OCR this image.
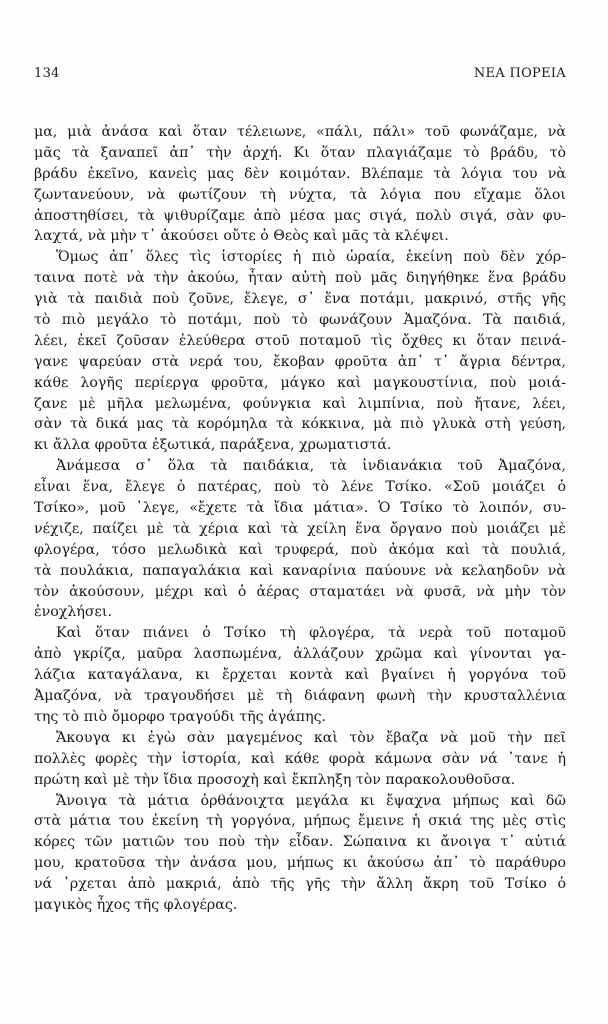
134	ΝΕΑ ΠΟΡΕΙΑ
μα, μιὰ ἀνάσα καὶ ὅταν τέλειωνε, «πάλι, πάλι» τοῦ φωνάζαμε, νὰ
μᾶς τὰ ξαναπεῖ ἀπ᾿ τὴν ἀρχή. Κι ὅταν πλαγιάζαμε τὸ βράδυ, τὸ
βράδυ ἐκεῖνο, κανεὶς μας δὲν κοιμόταν. Βλέπαμε τὰ λόγια του νὰ
ζωντανεύουν, νὰ φωτίζουν τὴ νύχτα, τὰ λόγια που εἴχαμε ὅλοι
ἀποστηθίσει, τὰ ψιθυρίζαμε ἀπὸ μέσα μας σιγά, πολὺ σιγά, σὰν φυ-
λαχτά, νὰ μὴν τ᾿ ἀκούσει οὔτε ὁ Θεὸς καὶ μᾶς τὰ κλέψει.
Ὅμως ἀπ᾿ ὅλες τὶς ἱστορίες ἡ πιὸ ὡραία, ἐκείνη ποὺ δὲν χόρ-
ταινα ποτὲ νὰ τὴν ἀκούω, ἦταν αὐτὴ ποὺ μᾶς διηγήθηκε ἕνα βράδυ
γιὰ τὰ παιδιὰ ποὺ ζοῦνε, ἔλεγε, σ᾿ ἕνα ποτάμι, μακρινό, στῆς γῆς
τὸ πιὸ μεγάλο τὸ ποτάμι, ποὺ τὸ φωνάζουν Ἀμαζόνα. Τὰ παιδιά,
λέει, ἐκεῖ ζοῦσαν ἐλεύθερα στοῦ ποταμοῦ τὶς ὄχθες κι ὅταν πεινά-
γανε ψαρεύαν στὰ νερά του, ἔκοβαν φροῦτα ἀπ᾿ τ᾿ ἄγρια δέντρα,
κάθε λογῆς περίεργα φροῦτα, μάγκο καὶ μαγκουστίνια, ποὺ μοιά-
ζανε μὲ μῆλα μελωμένα, φούνγκια καὶ λιμπίνια, ποὺ ἤτανε, λέει,
σὰν τὰ δικά μας τὰ κορόμηλα τὰ κόκκινα, μὰ πιὸ γλυκὰ στὴ γεύση,
κι ἄλλα φροῦτα ἐξωτικά, παράξενα, χρωματιστά.
Ἀνάμεσα σ᾿ ὅλα τὰ παιδάκια, τὰ ἰνδιανάκια τοῦ Ἀμαζόνα,
εἶναι ἕνα, ἔλεγε ὁ πατέρας, ποὺ τὸ λένε Τσίκο. «Σοῦ μοιάζει ὁ
Τσίκο», μοῦ ᾿λεγε, «ἔχετε τὰ ἴδια μάτια». Ὁ Τσίκο τὸ λοιπόν, συ-
νέχιζε, παίζει μὲ τὰ χέρια καὶ τὰ χείλη ἕνα ὄργανο ποὺ μοιάζει μὲ
φλογέρα, τόσο μελωδικὰ καὶ τρυφερά, ποὺ ἀκόμα καὶ τὰ πουλιά,
τὰ πουλάκια, παπαγαλάκια καὶ καναρίνια παύουνε νὰ κελαηδοῦν νὰ
τὸν ἀκούσουν, μέχρι καὶ ὁ ἀέρας σταματάει νὰ φυσᾶ, νὰ μὴν τὸν
ἐνοχλήσει.
Καὶ ὅταν πιάνει ὁ Τσίκο τὴ φλογέρα, τὰ νερὰ τοῦ ποταμοῦ
ἀπὸ γκρίζα, μαῦρα λασπωμένα, ἀλλάζουν χρῶμα καὶ γίνονται γα-
λάζια καταγάλανα, κι ἔρχεται κοντὰ καὶ βγαίνει ἡ γοργόνα τοῦ
Ἀμαζόνα, νὰ τραγουδήσει μὲ τὴ διάφανη φωνὴ τὴν κρυσταλλένια
της τὸ πιὸ ὄμορφο τραγούδι τῆς ἀγάπης.
Ἄκουγα κι ἐγὼ σὰν μαγεμένος καὶ τὸν ἔβαζα νὰ μοῦ τὴν πεῖ
πολλὲς φορὲς τὴν ἱστορία, καὶ κάθε φορὰ κάμωνα σὰν νά ᾿τανε ἡ
πρώτη καὶ μὲ τὴν ἴδια προσοχὴ καὶ ἔκπληξη τὸν παρακολουθοῦσα.
Ἄνοιγα τὰ μάτια ὀρθάνοιχτα μεγάλα κι ἔψαχνα μήπως καὶ δῶ
στὰ μάτια του ἐκείνη τὴ γοργόνα, μήπως ἔμεινε ἡ σκιά της μὲς στὶς
κόρες τῶν ματιῶν του ποὺ τὴν εἶδαν. Σώπαινα κι ἄνοιγα τ᾿ αὐτιά
μου, κρατοῦσα τὴν ἀνάσα μου, μήπως κι ἀκούσω ἀπ᾿ τὸ παράθυρο
νά ᾿ρχεται ἀπὸ μακριά, ἀπὸ τῆς γῆς τὴν ἄλλη ἄκρη τοῦ Τσίκο ὁ
μαγικὸς ἦχος τῆς φλογέρας.
